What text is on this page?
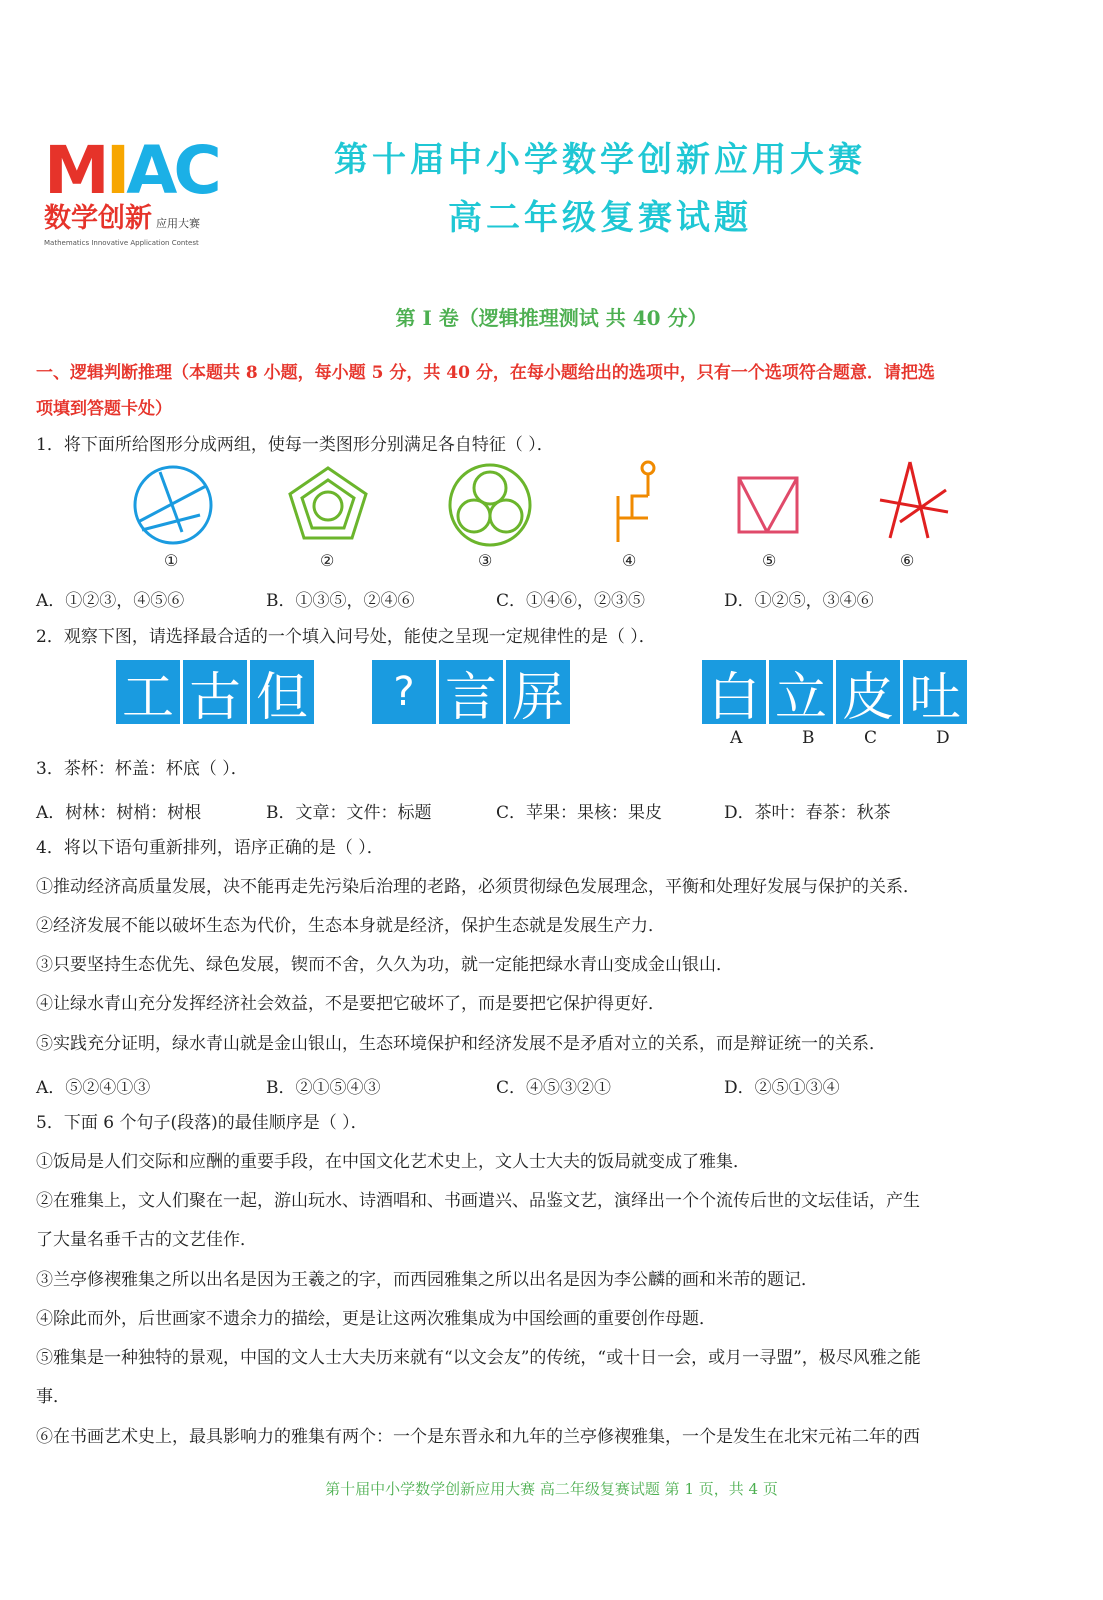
MIAC
数学创新 应用大赛
Mathematics Innovative Application Contest
第十届中小学数学创新应用大赛
高二年级复赛试题
第 I 卷（逻辑推理测试 共 40 分）
一、逻辑判断推理（本题共 8 小题，每小题 5 分，共 40 分，在每小题给出的选项中，只有一个选项符合题意．请把选
项填到答题卡处）
1．将下面所给图形分成两组，使每一类图形分别满足各自特征（ ）．
①	②	③	④	⑤	⑥
A．①②③，④⑤⑥	B．①③⑤，②④⑥	C．①④⑥，②③⑤	D．①②⑤，③④⑥
2．观察下图，请选择最合适的一个填入问号处，能使之呈现一定规律性的是（ ）．
工 古 但	? 言 屏	白 立 皮 吐
A	B	C	D
3．茶杯：杯盖：杯底（ ）．
A．树林：树梢：树根	B．文章：文件：标题	C．苹果：果核：果皮	D．茶叶：春茶：秋茶
4．将以下语句重新排列，语序正确的是（ ）．
①推动经济高质量发展，决不能再走先污染后治理的老路，必须贯彻绿色发展理念，平衡和处理好发展与保护的关系．
②经济发展不能以破坏生态为代价，生态本身就是经济，保护生态就是发展生产力．
③只要坚持生态优先、绿色发展，锲而不舍，久久为功，就一定能把绿水青山变成金山银山．
④让绿水青山充分发挥经济社会效益，不是要把它破坏了，而是要把它保护得更好．
⑤实践充分证明，绿水青山就是金山银山，生态环境保护和经济发展不是矛盾对立的关系，而是辩证统一的关系．
A．⑤②④①③	B．②①⑤④③	C．④⑤③②①	D．②⑤①③④
5．下面 6 个句子(段落)的最佳顺序是（ ）．
①饭局是人们交际和应酬的重要手段，在中国文化艺术史上，文人士大夫的饭局就变成了雅集．
②在雅集上，文人们聚在一起，游山玩水、诗酒唱和、书画遣兴、品鉴文艺，演绎出一个个流传后世的文坛佳话，产生
了大量名垂千古的文艺佳作．
③兰亭修禊雅集之所以出名是因为王羲之的字，而西园雅集之所以出名是因为李公麟的画和米芾的题记．
④除此而外，后世画家不遗余力的描绘，更是让这两次雅集成为中国绘画的重要创作母题．
⑤雅集是一种独特的景观，中国的文人士大夫历来就有“以文会友”的传统，“或十日一会，或月一寻盟”，极尽风雅之能
事．
⑥在书画艺术史上，最具影响力的雅集有两个：一个是东晋永和九年的兰亭修禊雅集，一个是发生在北宋元祐二年的西
第十届中小学数学创新应用大赛 高二年级复赛试题 第 1 页，共 4 页
